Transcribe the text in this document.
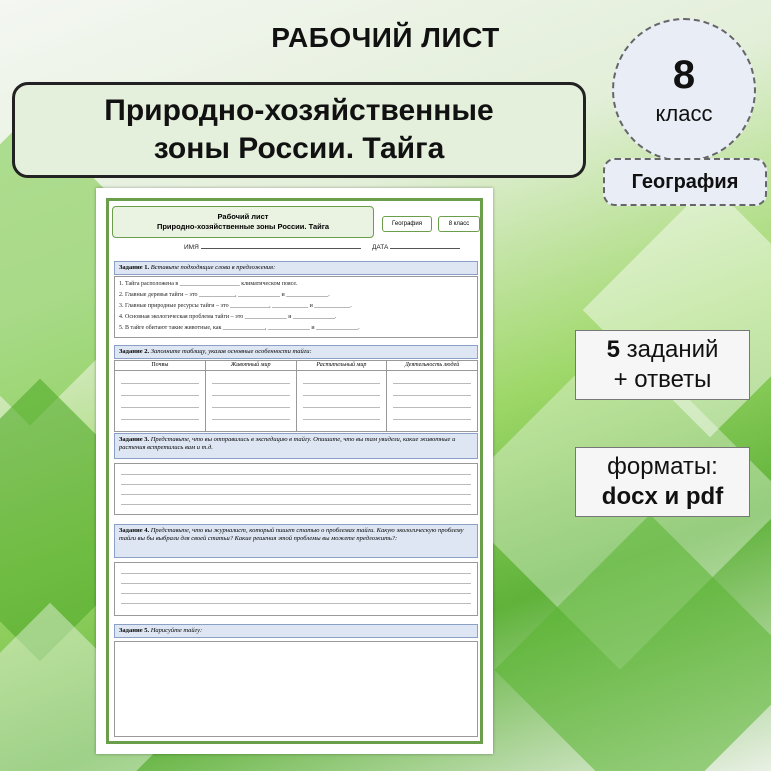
РАБОЧИЙ ЛИСТ
Природно-хозяйственные
зоны России. Тайга
8
класс
География
5 заданий
+ ответы
форматы:
docx и pdf
Рабочий лист
Природно-хозяйственные зоны России. Тайга	География	8 класс
ИМЯ	ДАТА
Задание 1. Вставьте подходящие слова в предложения:
1. Тайга расположена в ____________________ климатическом поясе.
2. Главные деревья тайги – это ____________, ______________ и ______________.
3. Главные природные ресурсы тайги – это _____________, ____________ и ____________.
4. Основная экологическая проблема тайги – это ______________ и ______________.
5. В тайге обитают такие животные, как ______________, ______________ и ______________.
Задание 2. Заполните таблицу, указав основные особенности тайги:
Почвы	Животный мир	Растительный мир	Деятельность людей
Задание 3. Представьте, что вы отправились в экспедицию в тайгу. Опишите, что вы там увидели, какие животные и растения встретились вам и т.д.
Задание 4. Представьте, что вы журналист, который пишет статью о проблемах тайги. Какую экологическую проблему тайги вы бы выбрали для своей статьи? Какие решения этой проблемы вы можете предложить?:
Задание 5. Нарисуйте тайгу:
